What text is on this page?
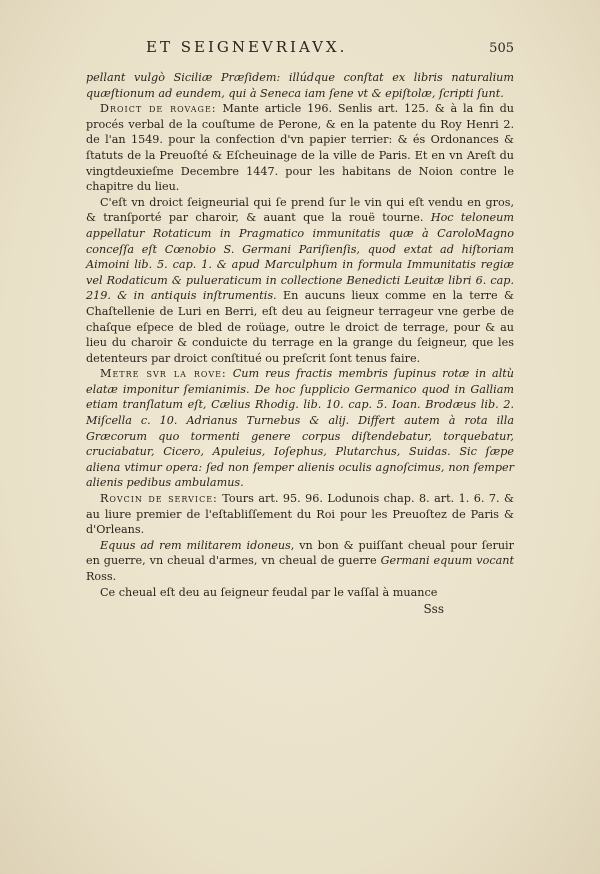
ET SEIGNEVRIAVX.	505

pellant vulgò Siciliæ Præſidem: illúdque conſtat ex libris naturalium quæſtionum ad eundem, qui à Seneca iam ſene vt & epiſtolæ, ſcripti ſunt.

Droict de rovage: Mante article 196. Senlis art. 125. & à la fin du procés verbal de la couſtume de Perone, & en la patente du Roy Henri 2. de l'an 1549. pour la confection d'vn papier terrier: & és Ordonances & ſtatuts de la Preuoſté & Eſcheuinage de la ville de Paris. Et en vn Areſt du vingtdeuxieſme Decembre 1447. pour les habitans de Noion contre le chapitre du lieu.

C'eſt vn droict ſeigneurial qui ſe prend ſur le vin qui eſt vendu en gros, & tranſporté par charoir, & auant que la rouë tourne. Hoc teloneum appellatur Rotaticum in Pragmatico immunitatis quæ à CaroloMagno conceſſa eſt Cœnobio S. Germani Pariſienſis, quod extat ad hiſtoriam Aimoini lib. 5. cap. 1. & apud Marculphum in formula Immunitatis regiæ vel Rodaticum & pulueraticum in collectione Benedicti Leuitæ libri 6. cap. 219. & in antiquis inſtrumentis. En aucuns lieux comme en la terre & Chaſtellenie de Luri en Berri, eſt deu au ſeigneur terrageur vne gerbe de chaſque eſpece de bled de roüage, outre le droict de terrage, pour & au lieu du charoir & conduicte du terrage en la grange du ſeigneur, que les detenteurs par droict conſtitué ou preſcrit ſont tenus faire.

Metre svr la rove: Cum reus fractis membris ſupinus rotæ in altù elatæ imponitur ſemianimis. De hoc ſupplicio Germanico quod in Galliam etiam tranſlatum eſt, Cælius Rhodig. lib. 10. cap. 5. Ioan. Brodæus lib. 2. Miſcella c. 10. Adrianus Turnebus & alij. Differt autem à rota illa Græcorum quo tormenti genere corpus diſtendebatur, torquebatur, cruciabatur, Cicero, Apuleius, Ioſephus, Plutarchus, Suidas. Sic ſæpe aliena vtimur opera: ſed non ſemper alienis oculis agnoſcimus, non ſemper alienis pedibus ambulamus.

Rovcin de service: Tours art. 95. 96. Lodunois chap. 8. art. 1. 6. 7. & au liure premier de l'eſtabliſſement du Roi pour les Preuoſtez de Paris & d'Orleans.

Equus ad rem militarem idoneus, vn bon & puiſſant cheual pour ſeruir en guerre, vn cheual d'armes, vn cheual de guerre Germani equum vocant Ross.

Ce cheual eſt deu au ſeigneur feudal par le vaſſal à muance

Sss
